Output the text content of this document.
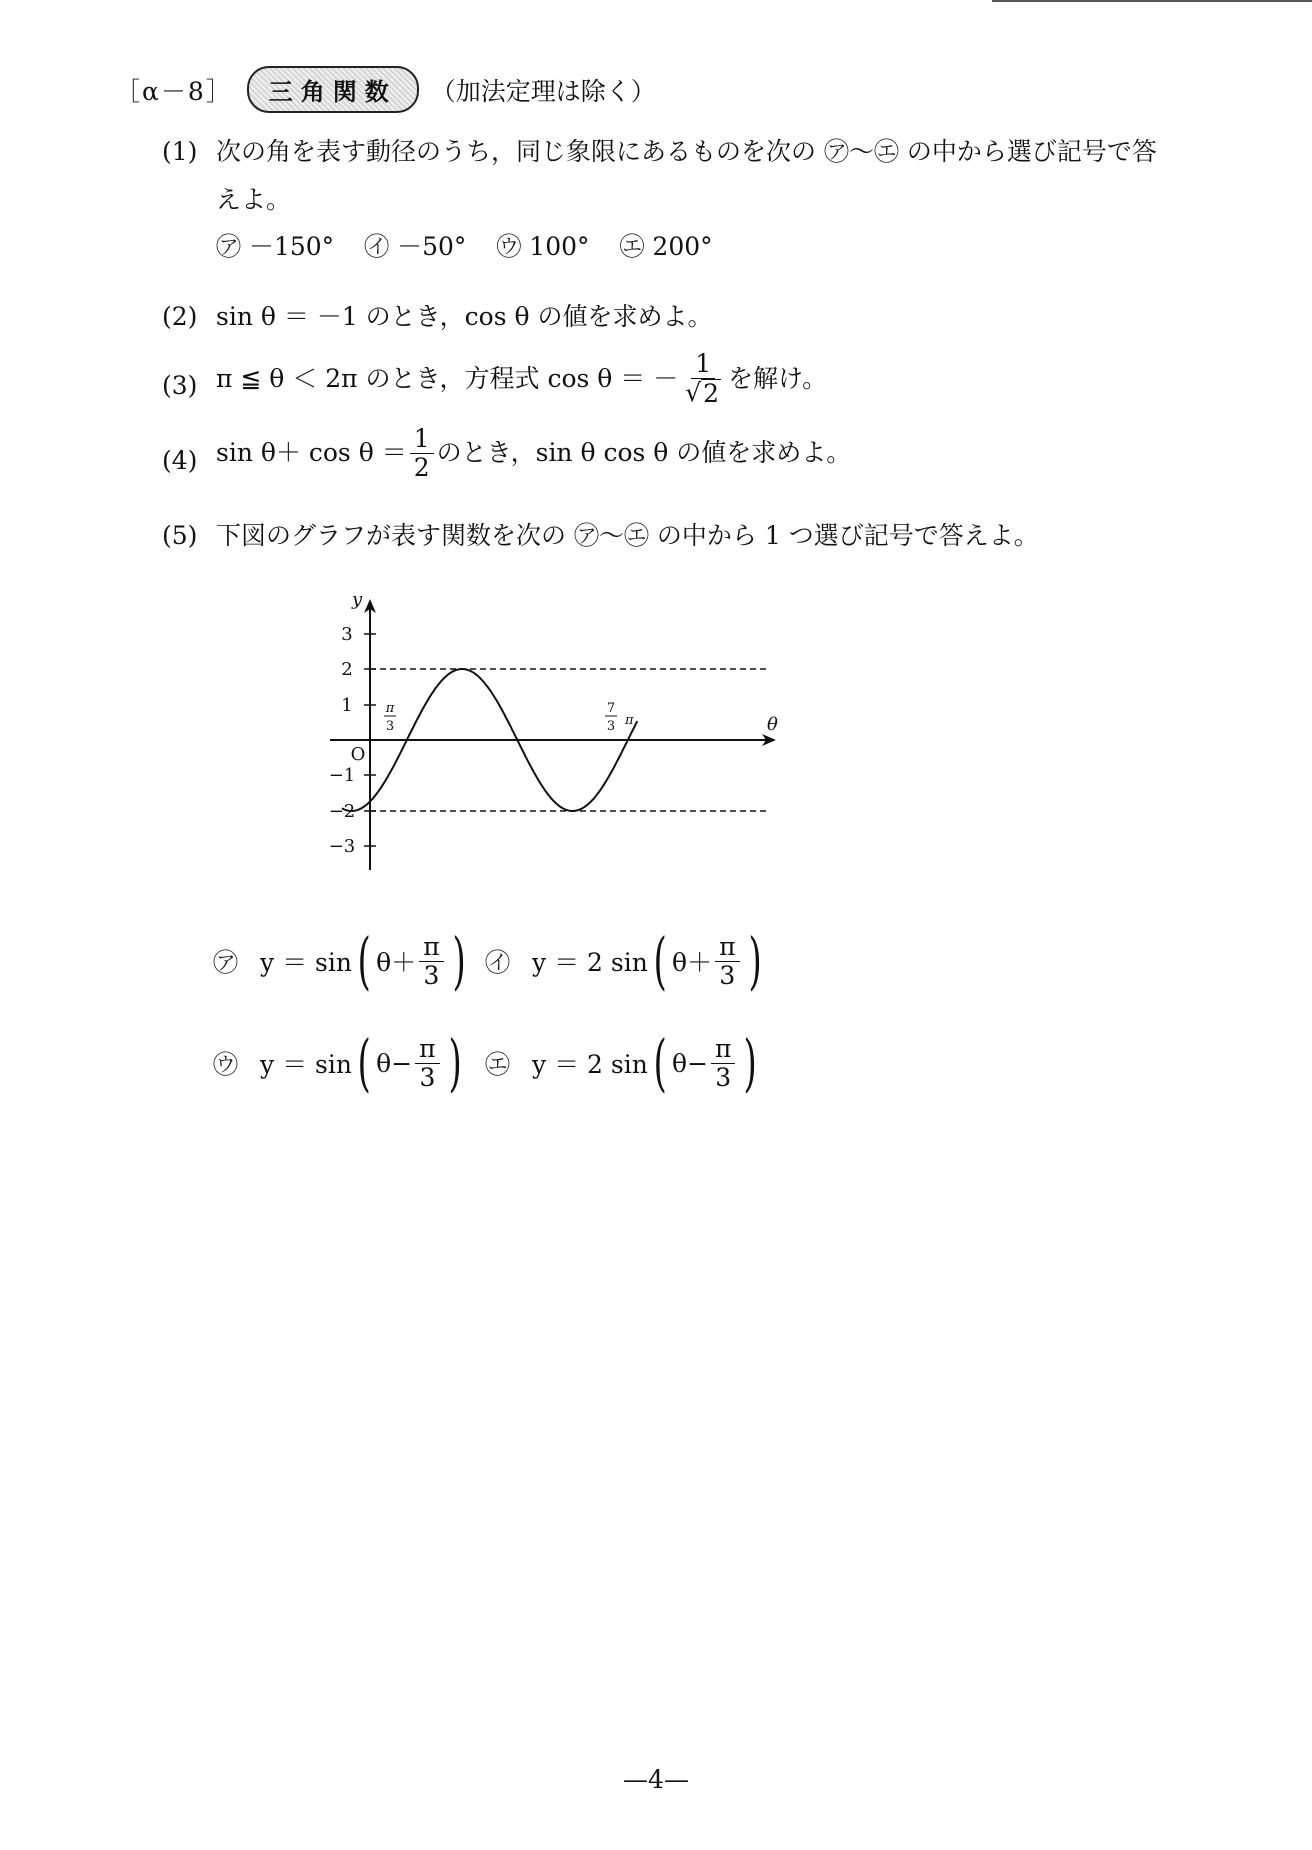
［α－8］	三角関数	（加法定理は除く）
(1) 次の角を表す動径のうち，同じ象限にあるものを次の ㋐～㋓ の中から選び記号で答
えよ。
㋐ －150° ㋑ －50° ㋒ 100° ㋓ 200°
(2) sin θ ＝ －1 のとき，cos θ の値を求めよ。
(3) π ≦ θ ＜ 2π のとき，方程式 cos θ ＝ － $\frac{1}{√ 2}$ を解け。
(4) $\sin \theta+ \cos \theta = \frac{1}{2}$ のとき，sin θ cos θ の値を求めよ。
(5) 下図のグラフが表す関数を次の ㋐～㋓ の中から 1 つ選び記号で答えよ。
3
2
1
−1
−2
−3
y
θ
O
π
3
7
3 π
㋐ y ＝ sin ( $\theta+ \frac{\pi}{3}$ ) ㋑ y ＝ 2 sin ( $\theta+ \frac{\pi}{3}$ )
㋒ y ＝ sin ( $\theta- \frac{\pi}{3}$ ) ㋓ y ＝ 2 sin ( $\theta- \frac{\pi}{3}$ )
—4—
